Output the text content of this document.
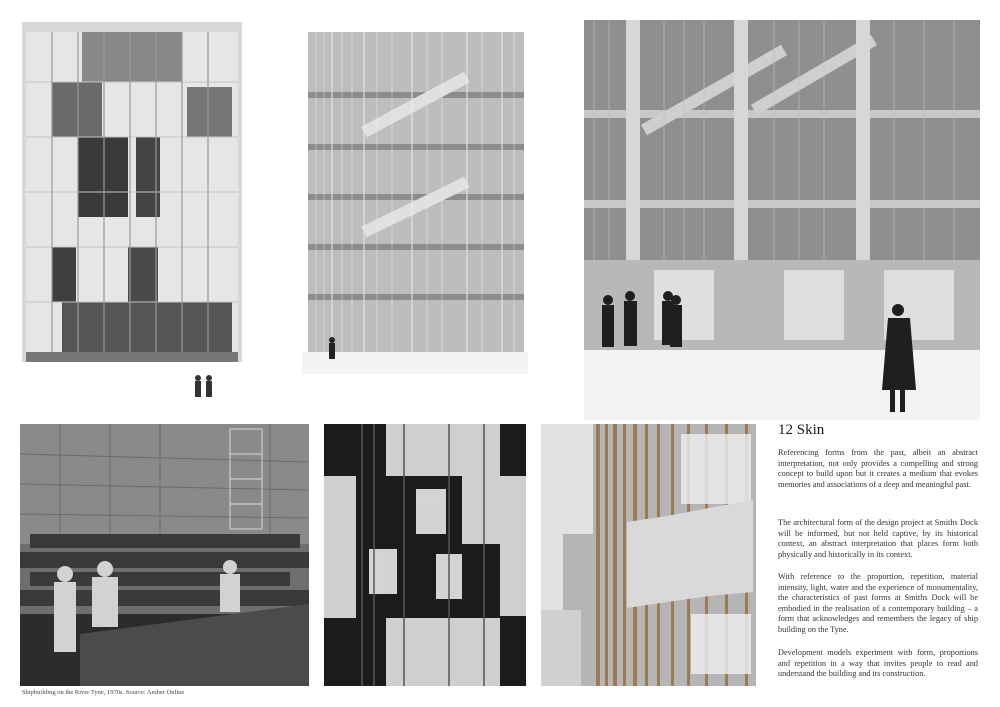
12 Skin

Referencing forms from the past, albeit an abstract interpretation, not only provides a compelling and strong concept to build upon but it creates a medium that evokes memories and associations of a deep and meaningful past.

The architectural form of the design project at Smiths Dock will be informed, but not held captive, by its historical context, an abstract interpretation that places form both physically and historically in its context.

With reference to the proportion, repetition, material intensity, light, water and the experience of monumentality, the characteristics of past forms at Smiths Dock will be embodied in the realisation of a contemporary building – a form that acknowledges and remembers the legacy of ship building on the Tyne.

Development models experiment with form, proportions and repetition in a way that invites people to read and understand the building and its construction.

Shipbuilding on the River Tyne, 1970s. Source: Amber Online
